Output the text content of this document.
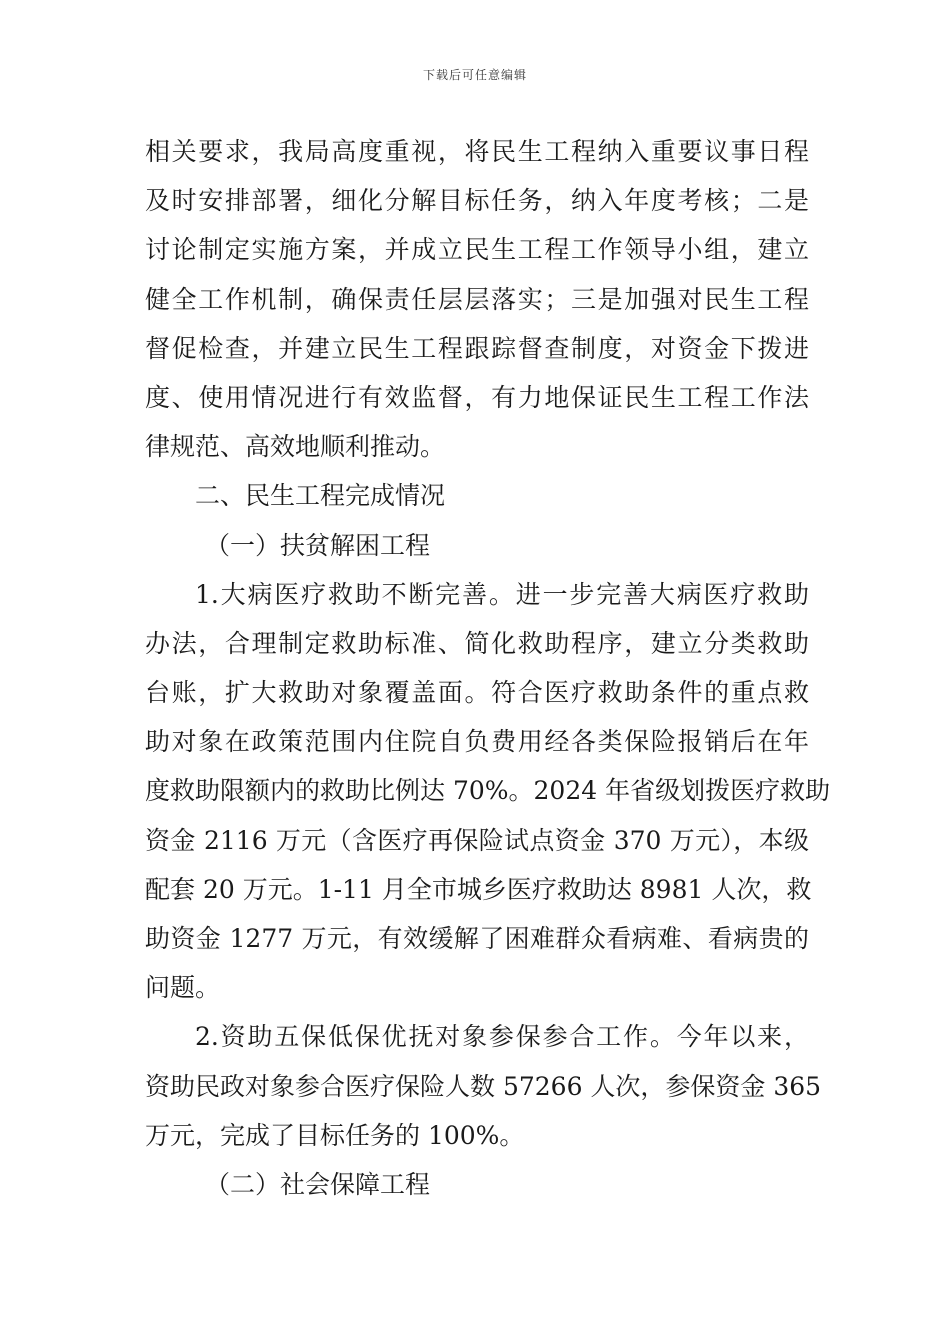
下载后可任意编辑
相关要求，我局高度重视，将民生工程纳入重要议事日程
及时安排部署，细化分解目标任务，纳入年度考核；二是
讨论制定实施方案，并成立民生工程工作领导小组，建立
健全工作机制，确保责任层层落实；三是加强对民生工程
督促检查，并建立民生工程跟踪督查制度，对资金下拨进
度、使用情况进行有效监督，有力地保证民生工程工作法
律规范、高效地顺利推动。
二、民生工程完成情况
（一）扶贫解困工程
1.大病医疗救助不断完善。进一步完善大病医疗救助
办法，合理制定救助标准、简化救助程序，建立分类救助
台账，扩大救助对象覆盖面。符合医疗救助条件的重点救
助对象在政策范围内住院自负费用经各类保险报销后在年
度救助限额内的救助比例达 70%。2024 年省级划拨医疗救助
资金 2116 万元（含医疗再保险试点资金 370 万元），本级
配套 20 万元。1-11 月全市城乡医疗救助达 8981 人次，救
助资金 1277 万元，有效缓解了困难群众看病难、看病贵的
问题。
2.资助五保低保优抚对象参保参合工作。今年以来，
资助民政对象参合医疗保险人数 57266 人次，参保资金 365
万元，完成了目标任务的 100%。
（二）社会保障工程
